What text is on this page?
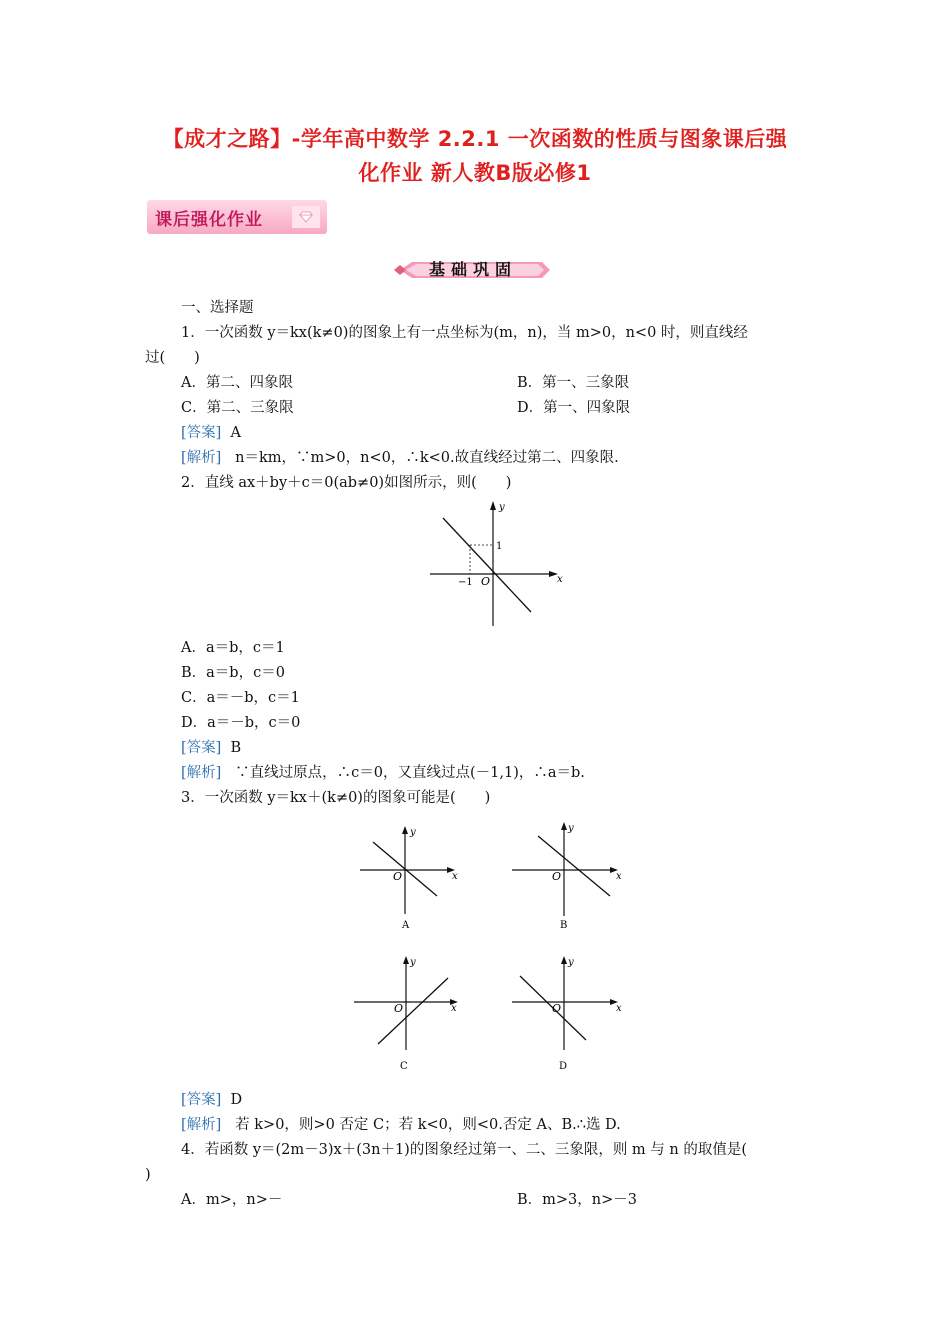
【成才之路】-学年高中数学 2.2.1 一次函数的性质与图象课后强
化作业 新人教B版必修1
课后强化作业
基础巩固
一、选择题
1．一次函数 y＝kx(k≠0)的图象上有一点坐标为(m，n)，当 m>0，n<0 时，则直线经
过(　　)
A．第二、四象限	B．第一、三象限
C．第二、三象限	D．第一、四象限
[答案] A
[解析] n＝km，∵m>0，n<0，∴k<0.故直线经过第二、四象限.
2．直线 ax＋by＋c＝0(ab≠0)如图所示，则(　　)
x
y
O
−1
1
A．a＝b，c＝1
B．a＝b，c＝0
C．a＝－b，c＝1
D．a＝－b，c＝0
[答案] B
[解析] ∵直线过原点，∴c＝0，又直线过点(－1,1)，∴a＝b.
3．一次函数 y＝kx＋(k≠0)的图象可能是(　　)
x
y
O
A
x
y
O
B
x
y
O
C
x
y
O
D
[答案] D
[解析] 若 k>0，则>0 否定 C；若 k<0，则<0.否定 A、B.∴选 D.
4．若函数 y＝(2m－3)x＋(3n＋1)的图象经过第一、二、三象限，则 m 与 n 的取值是(
)
A．m>，n>－	B．m>3，n>－3
